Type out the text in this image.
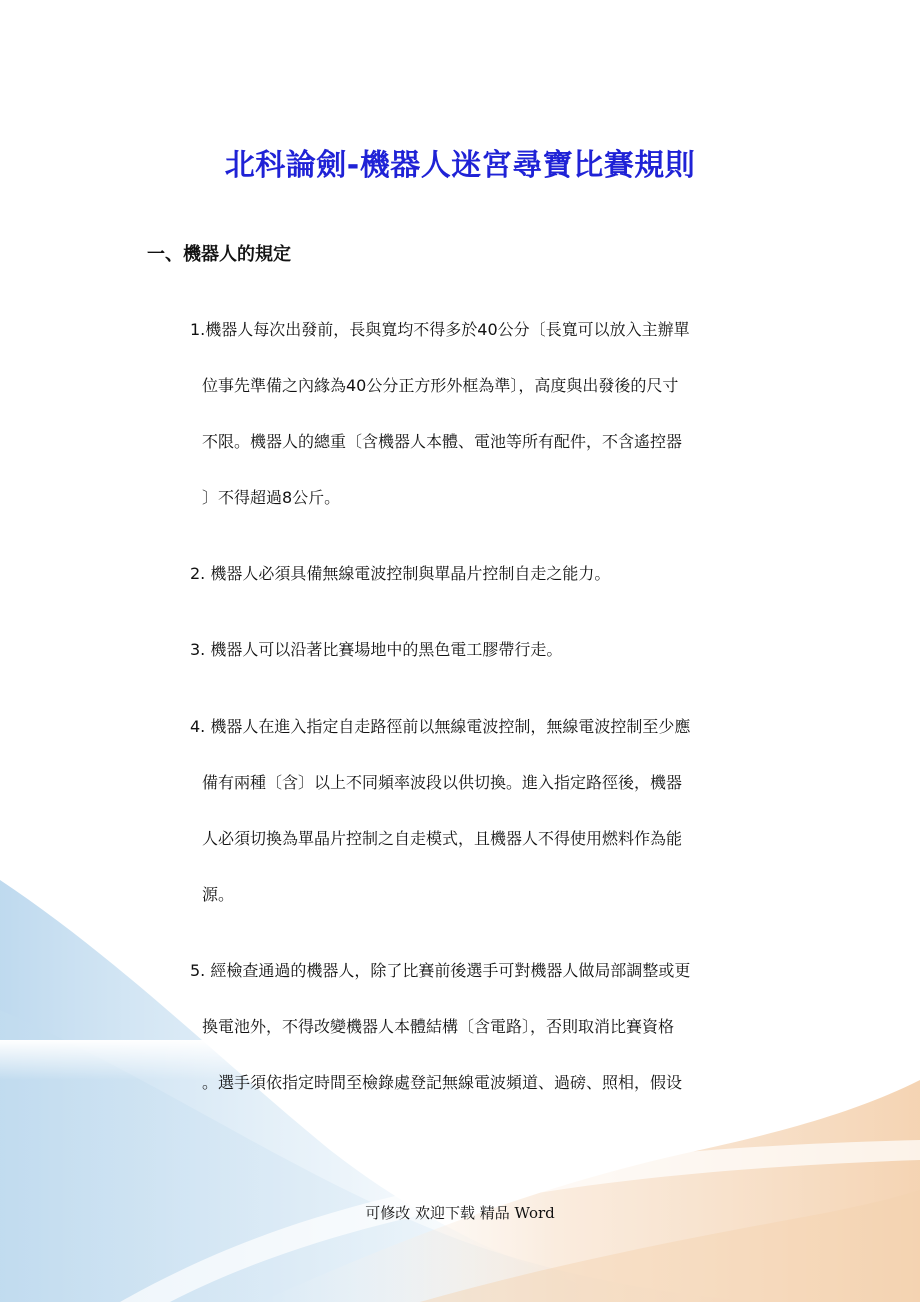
北科論劍-機器人迷宮尋寶比賽規則
一、機器人的規定
1.機器人每次出發前，長與寬均不得多於40公分〔長寬可以放入主辦單
位事先準備之內緣為40公分正方形外框為準〕，高度與出發後的尺寸
不限。機器人的總重〔含機器人本體、電池等所有配件，不含遙控器
〕不得超過8公斤。
2. 機器人必須具備無線電波控制與單晶片控制自走之能力。
3. 機器人可以沿著比賽場地中的黑色電工膠帶行走。
4. 機器人在進入指定自走路徑前以無線電波控制，無線電波控制至少應
備有兩種〔含〕以上不同頻率波段以供切換。進入指定路徑後，機器
人必須切換為單晶片控制之自走模式，且機器人不得使用燃料作為能
源。
5. 經檢查通過的機器人，除了比賽前後選手可對機器人做局部調整或更
換電池外，不得改變機器人本體結構〔含電路〕，否則取消比賽資格
。選手須依指定時間至檢錄處登記無線電波頻道、過磅、照相，假设
可修改 欢迎下载 精品 Word
